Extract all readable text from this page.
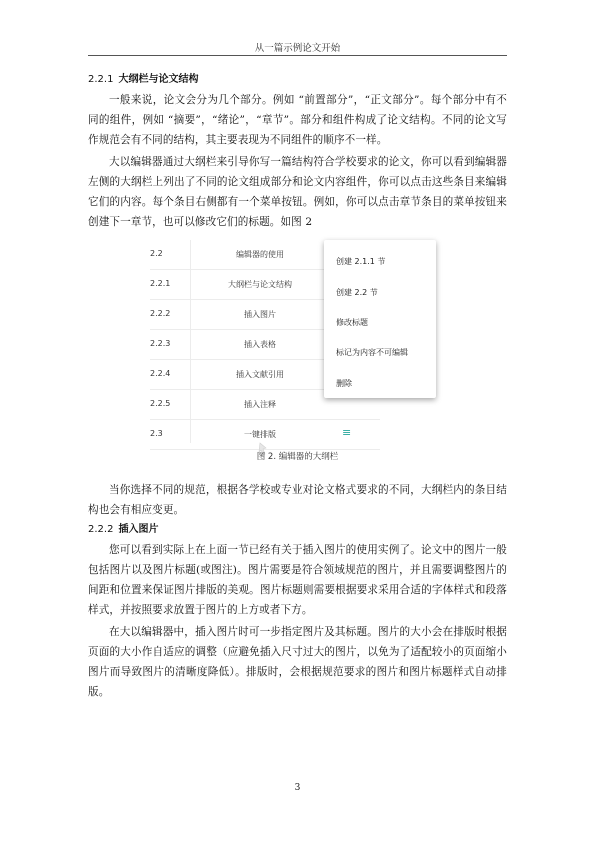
从一篇示例论文开始
2.2.1 大纲栏与论文结构

一般来说，论文会分为几个部分。例如 “前置部分”，“正文部分”。每个部分中有不同的组件，例如 “摘要”，“绪论”，“章节”。部分和组件构成了论文结构。不同的论文写作规范会有不同的结构，其主要表现为不同组件的顺序不一样。

大以编辑器通过大纲栏来引导你写一篇结构符合学校要求的论文，你可以看到编辑器左侧的大纲栏上列出了不同的论文组成部分和论文内容组件，你可以点击这些条目来编辑它们的内容。每个条目右侧都有一个菜单按钮。例如，你可以点击章节条目的菜单按钮来创建下一章节，也可以修改它们的标题。如图 2

2.2	编辑器的使用
2.2.1	大纲栏与论文结构
2.2.2	插入图片
2.2.3	插入表格
2.2.4	插入文献引用
2.2.5	插入注释
2.3	一键排版	≡
创建 2.1.1 节
创建 2.2 节
修改标题
标记为内容不可编辑
删除
图 2. 编辑器的大纲栏

当你选择不同的规范，根据各学校或专业对论文格式要求的不同，大纲栏内的条目结构也会有相应变更。

2.2.2 插入图片

您可以看到实际上在上面一节已经有关于插入图片的使用实例了。论文中的图片一般包括图片以及图片标题(或图注)。图片需要是符合领域规范的图片，并且需要调整图片的间距和位置来保证图片排版的美观。图片标题则需要根据要求采用合适的字体样式和段落样式，并按照要求放置于图片的上方或者下方。

在大以编辑器中，插入图片时可一步指定图片及其标题。图片的大小会在排版时根据页面的大小作自适应的调整（应避免插入尺寸过大的图片，以免为了适配较小的页面缩小图片而导致图片的清晰度降低）。排版时，会根据规范要求的图片和图片标题样式自动排版。

3
